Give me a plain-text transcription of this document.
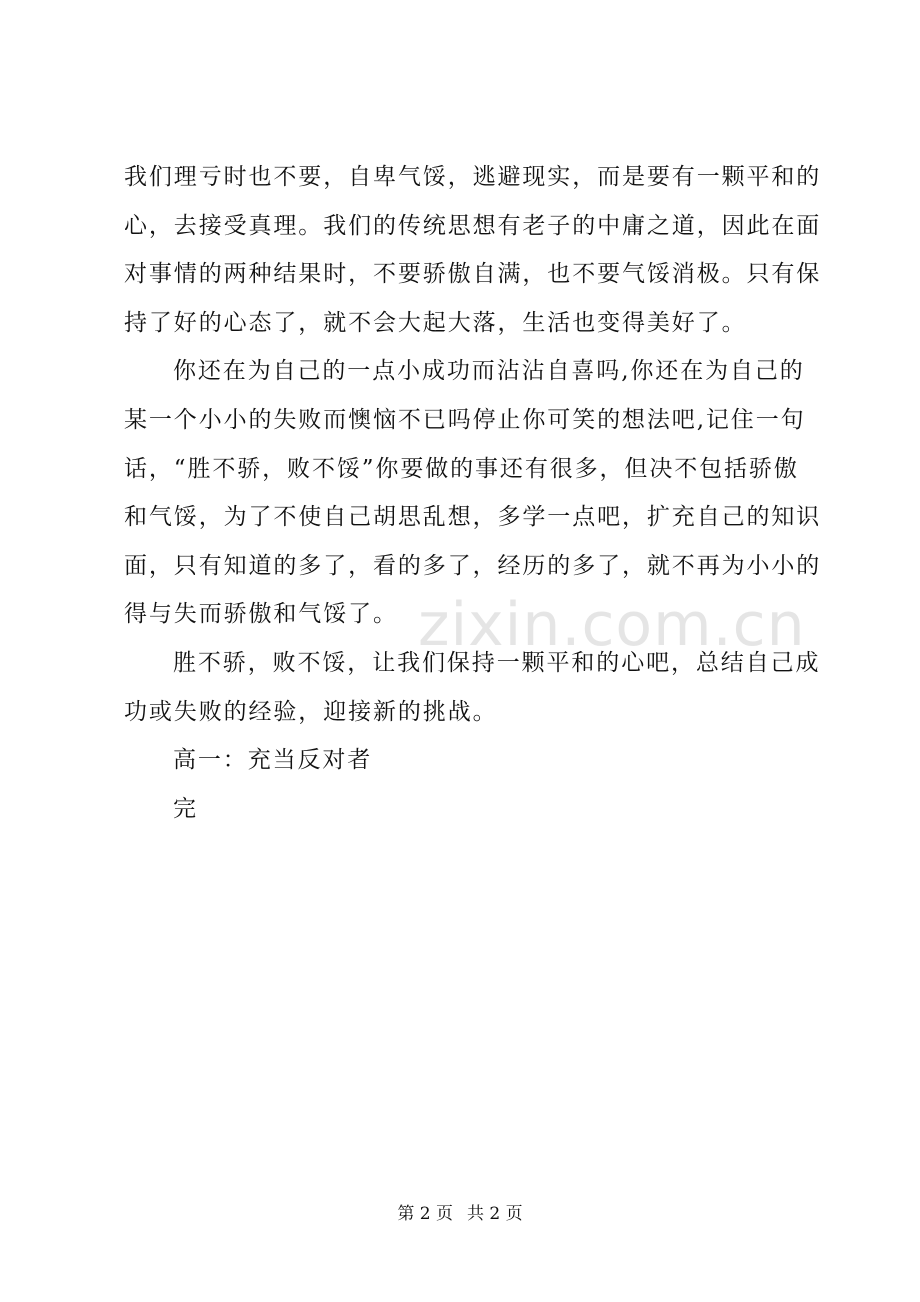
我们理亏时也不要，自卑气馁，逃避现实，而是要有一颗平和的
心，去接受真理。我们的传统思想有老子的中庸之道，因此在面
对事情的两种结果时，不要骄傲自满，也不要气馁消极。只有保
持了好的心态了，就不会大起大落，生活也变得美好了。
你还在为自己的一点小成功而沾沾自喜吗,你还在为自己的
某一个小小的失败而懊恼不已吗停止你可笑的想法吧,记住一句
话，“胜不骄，败不馁”你要做的事还有很多，但决不包括骄傲
和气馁，为了不使自己胡思乱想，多学一点吧，扩充自己的知识
面，只有知道的多了，看的多了，经历的多了，就不再为小小的
得与失而骄傲和气馁了。
胜不骄，败不馁，让我们保持一颗平和的心吧，总结自己成
功或失败的经验，迎接新的挑战。
高一：充当反对者
完
zixin.com.cn
第 2 页 共 2 页
